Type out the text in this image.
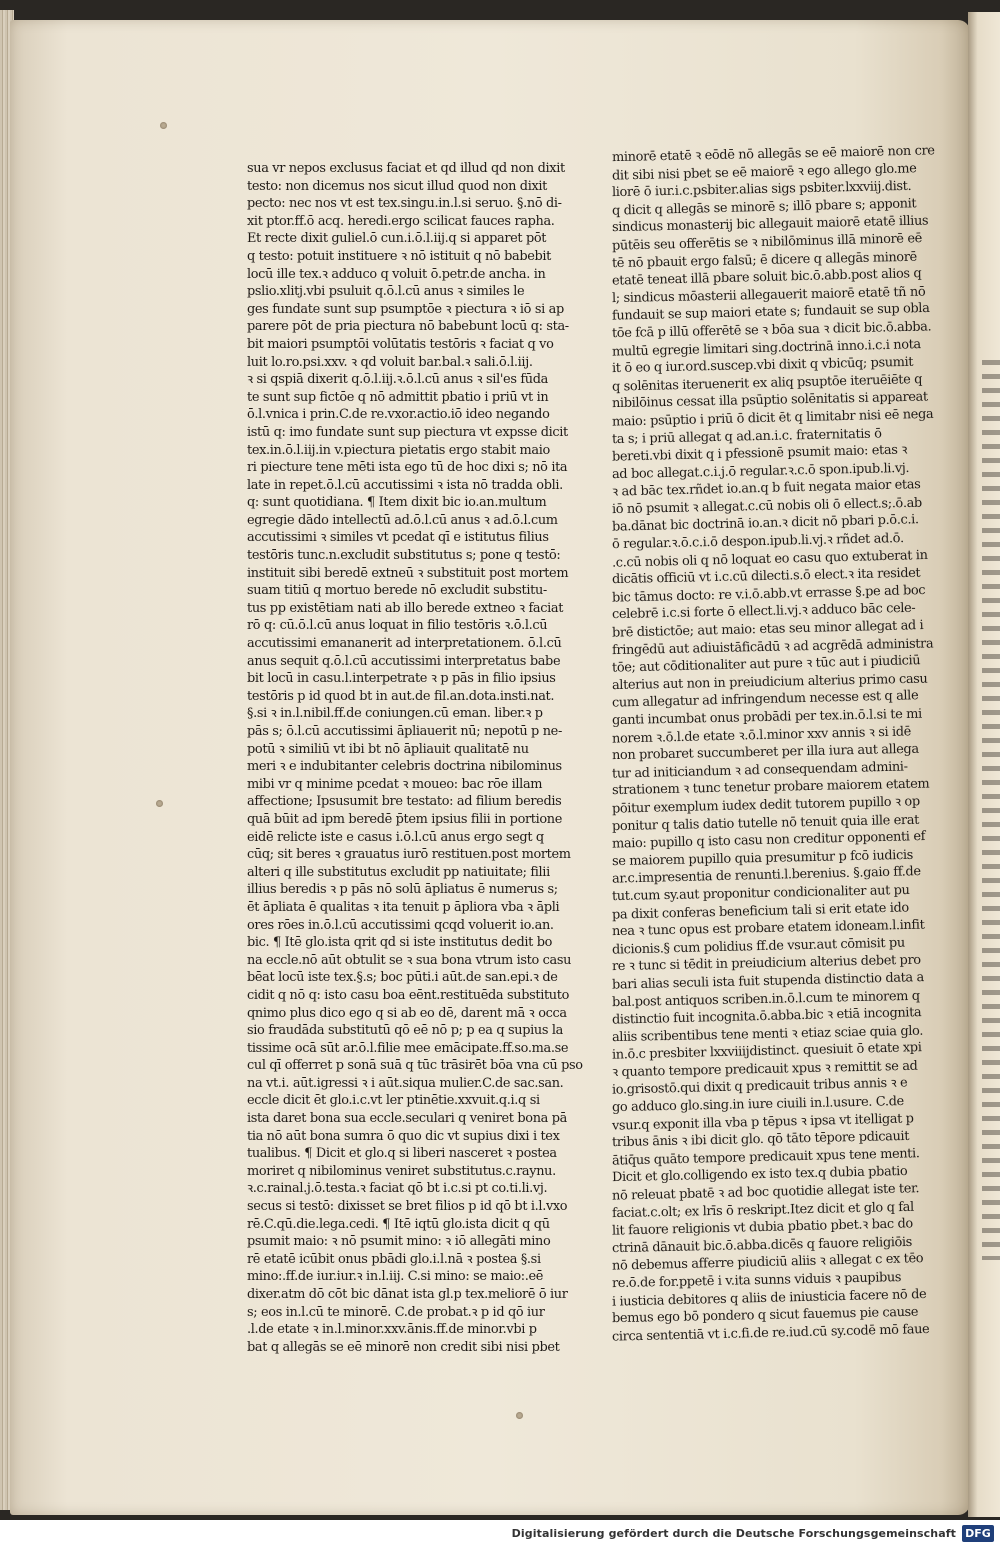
sua vr nepos exclusus faciat et qd illud qd non dixit
testo: non dicemus nos sicut illud quod non dixit
pecto: nec nos vt est tex.singu.in.l.si seruo. §.nō di-
xit ptor.ff.ō acq. heredi.ergo scilicat fauces rapha.
Et recte dixit guliel.ō cun.i.ō.l.iij.q si apparet pōt
q testo: potuit instituere ꝛ nō istituit q nō babebit
locū ille tex.ꝛ adduco q voluit ō.petr.de ancha. in
pslio.xlitj.vbi psuluit q.ō.l.cū anus ꝛ similes le
ges fundate sunt sup psumptōe ꝛ piectura ꝛ iō si ap
parere pōt de pria piectura nō babebunt locū q: sta-
bit maiori psumptōi volūtatis testōris ꝛ faciat q vo
luit lo.ro.psi.xxv. ꝛ qd voluit bar.bal.ꝛ sali.ō.l.iij.
ꝛ si qspiā dixerit q.ō.l.iij.ꝛ.ō.l.cū anus ꝛ sil'es fūda
te sunt sup fictōe q nō admittit pbatio i priū vt in
ō.l.vnica i prin.C.de re.vxor.actio.iō ideo negando
istū q: imo fundate sunt sup piectura vt expsse dicit
tex.in.ō.l.iij.in v.piectura pietatis ergo stabit maio
ri piecture tene mēti ista ego tū de hoc dixi s; nō ita
late in repet.ō.l.cū accutissimi ꝛ ista nō tradda obli.
q: sunt quotidiana. ¶ Item dixit bic io.an.multum
egregie dādo intellectū ad.ō.l.cū anus ꝛ ad.ō.l.cum
accutissimi ꝛ similes vt pcedat qī e istitutus filius
testōris tunc.n.excludit substitutus s; pone q testō:
instituit sibi beredē extneū ꝛ substituit post mortem
suam titiū q mortuo berede nō excludit substitu-
tus pp existētiam nati ab illo berede extneo ꝛ faciat
rō q: cū.ō.l.cū anus loquat in filio testōris ꝛ.ō.l.cū
accutissimi emananerit ad interpretationem. ō.l.cū
anus sequit q.ō.l.cū accutissimi interpretatus babe
bit locū in casu.l.interpetrate ꝛ p pās in filio ipsius
testōris p id quod bt in aut.de fil.an.dota.insti.nat.
§.si ꝛ in.l.nibil.ff.de coniungen.cū eman. liber.ꝛ p
pās s; ō.l.cū accutissimi āpliauerit nū; nepotū p ne-
potū ꝛ similiū vt ibi bt nō āpliauit qualitatē nu
meri ꝛ e indubitanter celebris doctrina nibilominus
mibi vr q minime pcedat ꝛ moueo: bac rōe illam
affectione; Ipsusumit bre testato: ad filium beredis
quā būit ad ipm beredē p̄tem ipsius filii in portione
eidē relicte iste e casus i.ō.l.cū anus ergo segt q
cūq; sit beres ꝛ grauatus iurō restituen.post mortem
alteri q ille substitutus excludit pp natiuitate; filii
illius beredis ꝛ p pās nō solū āpliatus ē numerus s;
ēt āpliata ē qualitas ꝛ ita tenuit p āpliora vba ꝛ āpli
ores rōes in.ō.l.cū accutissimi qcqd voluerit io.an.
bic. ¶ Itē glo.ista qrit qd si iste institutus dedit bo
na eccle.nō aūt obtulit se ꝛ sua bona vtrum isto casu
bēat locū iste tex.§.s; boc pūti.i aūt.de san.epi.ꝛ de
cidit q nō q: isto casu boa eēnt.restituēda substituto
qnimo plus dico ego q si ab eo dē, darent mā ꝛ occa
sio fraudāda substitutū qō eē nō p; p ea q supius la
tissime ocā sūt ar.ō.l.filie mee emācipate.ff.so.ma.se
cul qī offerret p sonā suā q tūc trāsirēt bōa vna cū pso
na vt.i. aūt.igressi ꝛ i aūt.siqua mulier.C.de sac.san.
eccle dicit ēt glo.i.c.vt ler ptinētie.xxvuit.q.i.q si
ista daret bona sua eccle.seculari q veniret bona pā
tia nō aūt bona sumra ō quo dic vt supius dixi i tex
tualibus. ¶ Dicit et glo.q si liberi nasceret ꝛ postea
moriret q nibilominus veniret substitutus.c.raynu.
ꝛ.c.rainal.j.ō.testa.ꝛ faciat qō bt i.c.si pt co.ti.li.vj.
secus si testō: dixisset se bret filios p id qō bt i.l.vxo
rē.C.qū.die.lega.cedi. ¶ Itē iqtū glo.ista dicit q qū
psumit maio: ꝛ nō psumit mino: ꝛ iō allegāti mino
rē etatē icūbit onus pbādi glo.i.l.nā ꝛ postea §.si
mino:.ff.de iur.iur.ꝛ in.l.iij. C.si mino: se maio:.eē
dixer.atm dō cōt bic dānat ista gl.p tex.meliorē ō iur
s; eos in.l.cū te minorē. C.de probat.ꝛ p id qō iur
.l.de etate ꝛ in.l.minor.xxv.ānis.ff.de minor.vbi p
bat q allegās se eē minorē non credit sibi nisi pbet
minorē etatē ꝛ eōdē nō allegās se eē maiorē non cre
dit sibi nisi pbet se eē maiorē ꝛ ego allego glo.me
liorē ō iur.i.c.psbiter.alias sigs psbiter.lxxviij.dist.
q dicit q allegās se minorē s; illō pbare s; apponit
sindicus monasterij bic allegauit maiorē etatē illius
pūtēis seu offerētis se ꝛ nibilōminus illā minorē eē
tē nō pbauit ergo falsū; ē dicere q allegās minorē
etatē teneat illā pbare soluit bic.ō.abb.post alios q
l; sindicus mōasterii allegauerit maiorē etatē tñ nō
fundauit se sup maiori etate s; fundauit se sup obla
tōe fcā p illū offerētē se ꝛ bōa sua ꝛ dicit bic.ō.abba.
multū egregie limitari sing.doctrinā inno.i.c.i nota
it ō eo q iur.ord.suscep.vbi dixit q vbicūq; psumit
q solēnitas iteruenerit ex aliq psuptōe iteruēiēte q
nibilōinus cessat illa psūptio solēnitatis si appareat
maio: psūptio i priū ō dicit ēt q limitabr nisi eē nega
ta s; i priū allegat q ad.an.i.c. fraternitatis ō
bereti.vbi dixit q i pfessionē psumit maio: etas ꝛ
ad boc allegat.c.i.j.ō regular.ꝛ.c.ō spon.ipub.li.vj.
ꝛ ad bāc tex.rñdet io.an.q b fuit negata maior etas
iō nō psumit ꝛ allegat.c.cū nobis oli ō ellect.s;.ō.ab
ba.dānat bic doctrinā io.an.ꝛ dicit nō pbari p.ō.c.i.
ō regular.ꝛ.ō.c.i.ō despon.ipub.li.vj.ꝛ rñdet ad.ō.
.c.cū nobis oli q nō loquat eo casu quo extuberat in
dicātis officiū vt i.c.cū dilecti.s.ō elect.ꝛ ita residet
bic tāmus docto: re v.i.ō.abb.vt errasse §.pe ad boc
celebrē i.c.si forte ō ellect.li.vj.ꝛ adduco bāc cele-
brē distictōe; aut maio: etas seu minor allegat ad i
fringēdū aut adiuistāficādū ꝛ ad acgrēdā administra
tōe; aut cōditionaliter aut pure ꝛ tūc aut i piudiciū
alterius aut non in preiudicium alterius primo casu
cum allegatur ad infringendum necesse est q alle
ganti incumbat onus probādi per tex.in.ō.l.si te mi
norem ꝛ.ō.l.de etate ꝛ.ō.l.minor xxv annis ꝛ si idē
non probaret succumberet per illa iura aut allega
tur ad initiciandum ꝛ ad consequendam admini-
strationem ꝛ tunc tenetur probare maiorem etatem
pōitur exemplum iudex dedit tutorem pupillo ꝛ op
ponitur q talis datio tutelle nō tenuit quia ille erat
maio: pupillo q isto casu non creditur opponenti ef
se maiorem pupillo quia presumitur p fcō iudicis
ar.c.impresentia de renunti.l.berenius. §.gaio ff.de
tut.cum sy.aut proponitur condicionaliter aut pu
pa dixit conferas beneficium tali si erit etate ido
nea ꝛ tunc opus est probare etatem idoneam.l.infit
dicionis.§ cum polidius ff.de vsur.aut cōmisit pu
re ꝛ tunc si tēdit in preiudicium alterius debet pro
bari alias seculi ista fuit stupenda distinctio data a
bal.post antiquos scriben.in.ō.l.cum te minorem q
distinctio fuit incognita.ō.abba.bic ꝛ etiā incognita
aliis scribentibus tene menti ꝛ etiaz sciae quia glo.
in.ō.c presbiter lxxviiijdistinct. quesiuit ō etate xpi
ꝛ quanto tempore predicauit xpus ꝛ remittit se ad
io.grisostō.qui dixit q predicauit tribus annis ꝛ e
go adduco glo.sing.in iure ciuili in.l.usure. C.de
vsur.q exponit illa vba p tēpus ꝛ ipsa vt itelligat p
tribus ānis ꝛ ibi dicit glo. qō tāto tēpore pdicauit
ātiq̄us quāto tempore predicauit xpus tene menti.
Dicit et glo.colligendo ex isto tex.q dubia pbatio
nō releuat pbatē ꝛ ad boc quotidie allegat iste ter.
faciat.c.olt; ex lrīs ō reskript.Itez dicit et glo q fal
lit fauore religionis vt dubia pbatio pbet.ꝛ bac do
ctrinā dānauit bic.ō.abba.dicēs q fauore religiōis
nō debemus afferre piudiciū aliis ꝛ allegat c ex tēo
re.ō.de for.ppetē i v.ita sunns viduis ꝛ paupibus
i iusticia debitores q aliis de iniusticia facere nō de
bemus ego bō pondero q sicut fauemus pie cause
circa sententiā vt i.c.fi.de re.iud.cū sy.codē mō faue
Digitalisierung gefördert durch die Deutsche Forschungsgemeinschaft DFG
